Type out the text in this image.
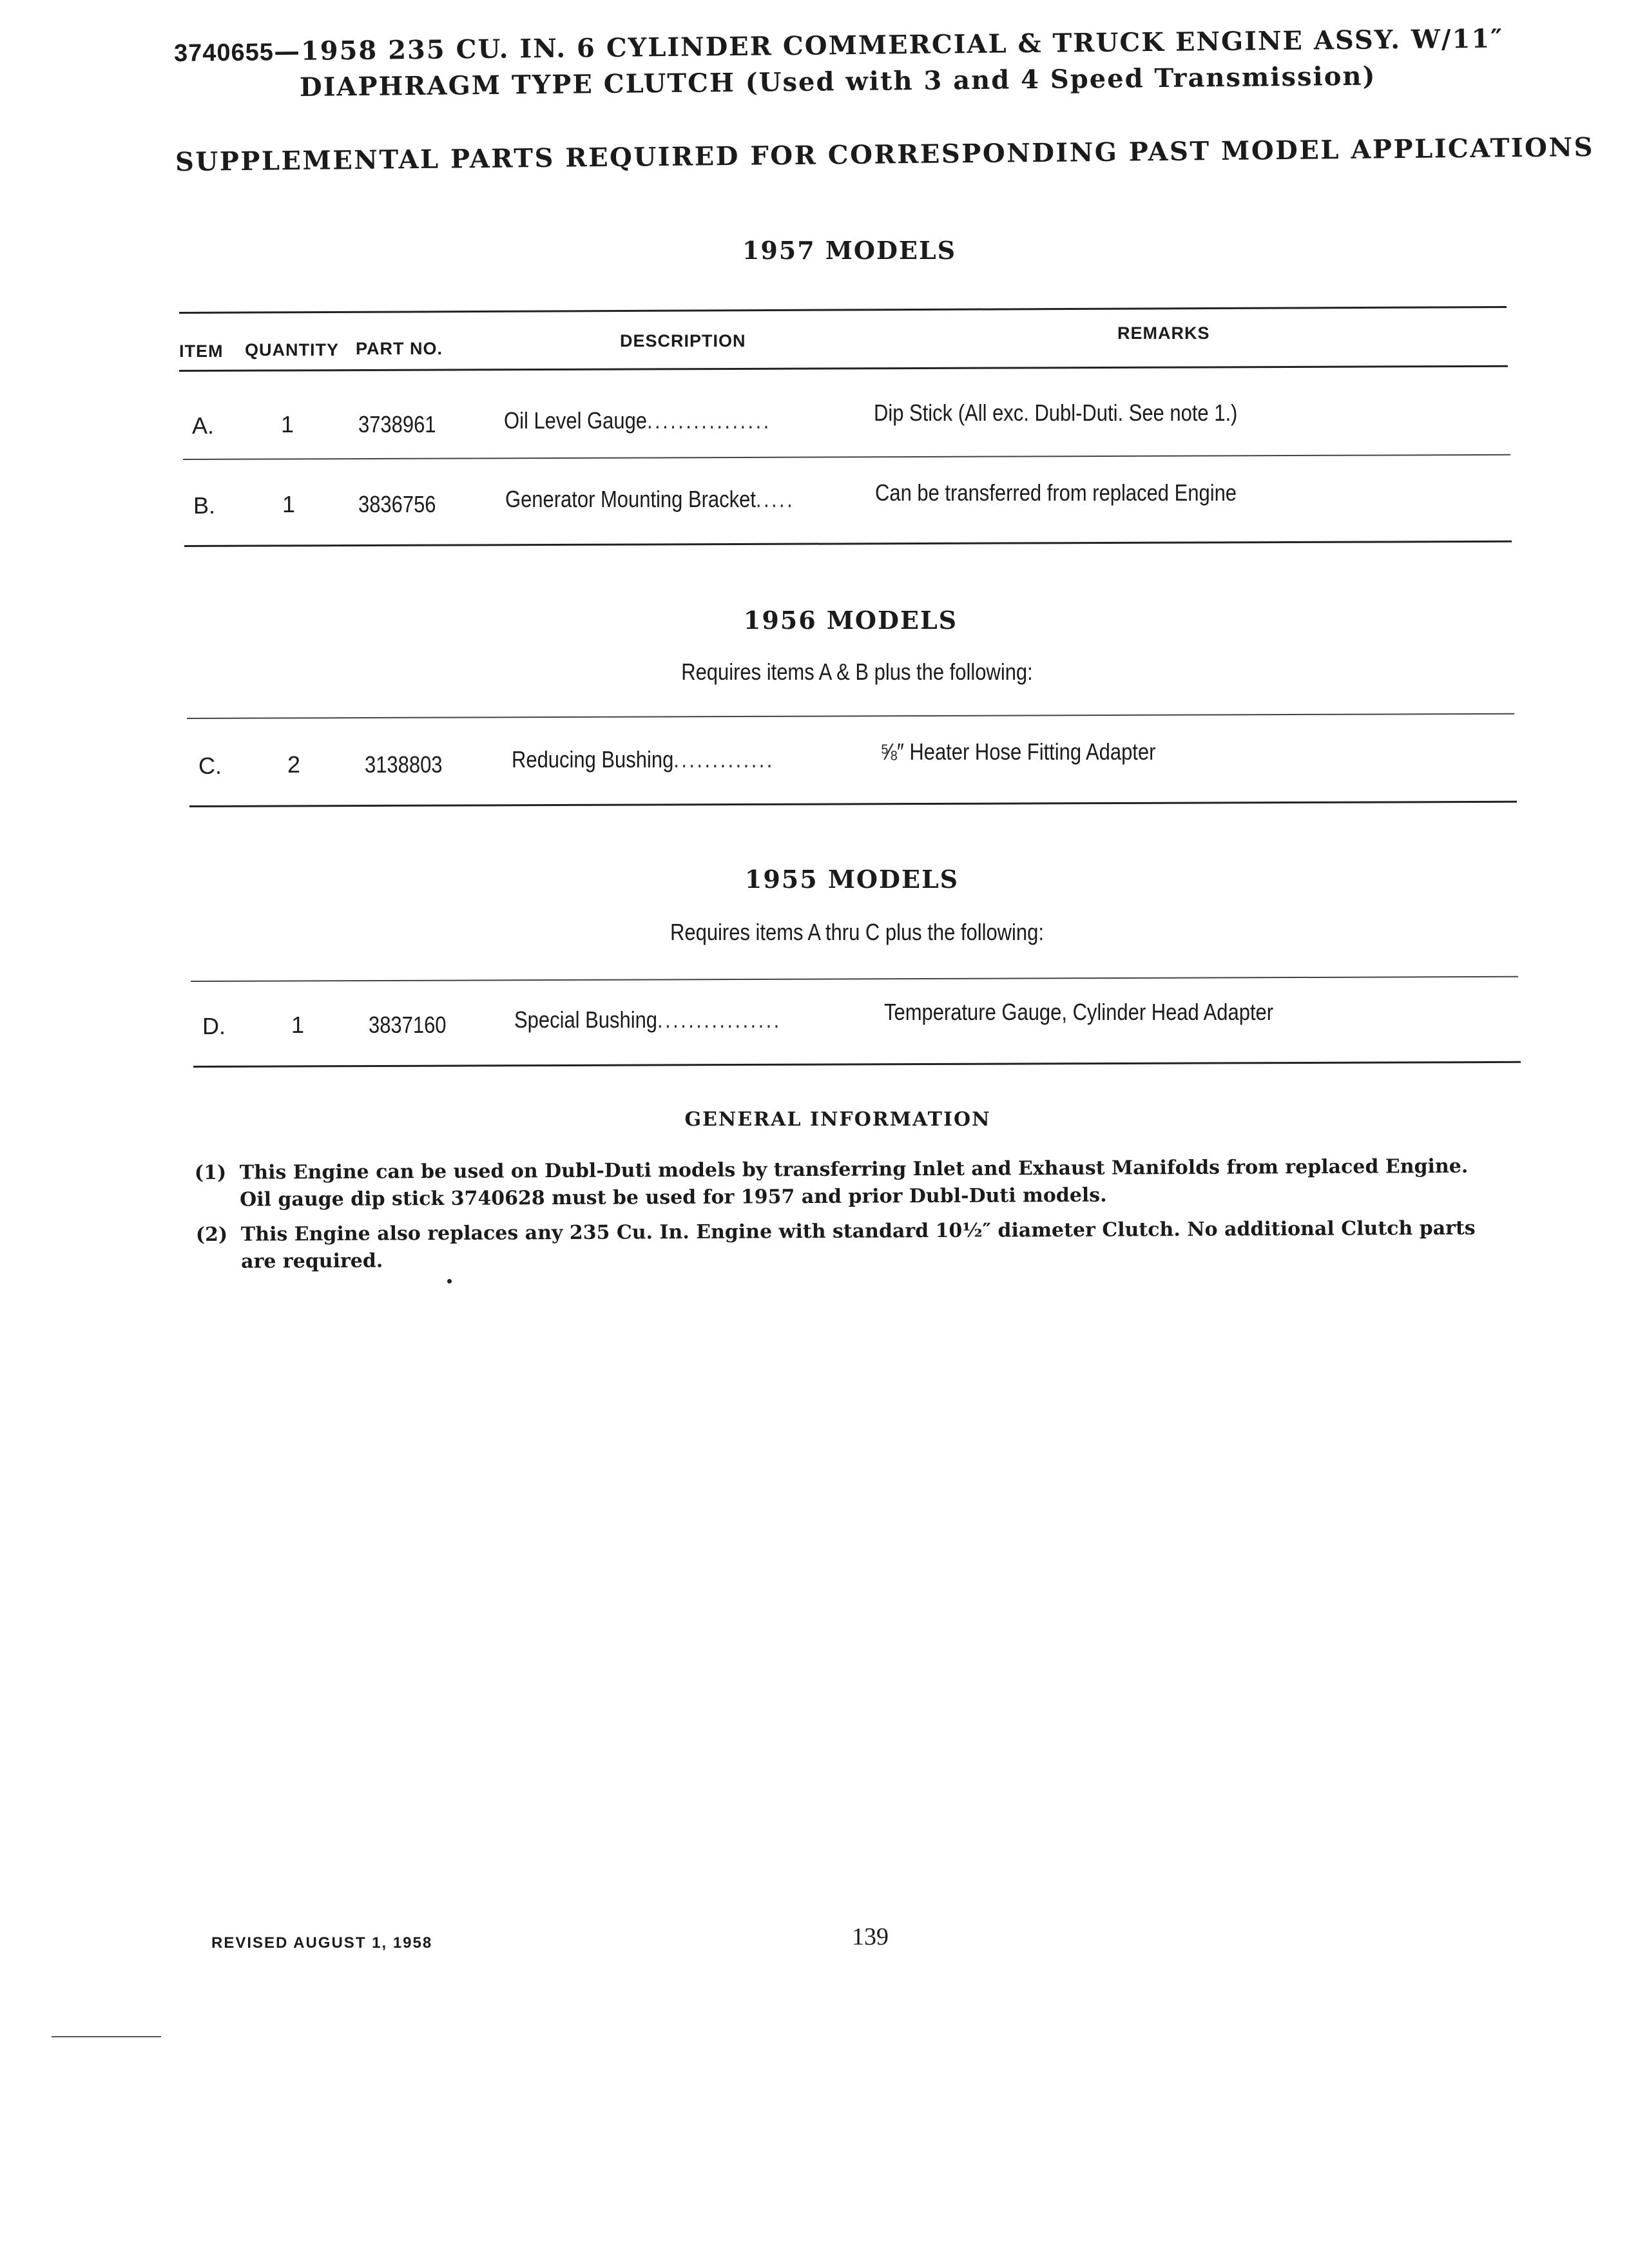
3740655—1958 235 CU. IN. 6 CYLINDER COMMERCIAL & TRUCK ENGINE ASSY. W/11″
DIAPHRAGM TYPE CLUTCH (Used with 3 and 4 Speed Transmission)
SUPPLEMENTAL PARTS REQUIRED FOR CORRESPONDING PAST MODEL APPLICATIONS
1957 MODELS
ITEM QUANTITY PART NO.	DESCRIPTION	REMARKS
A.	1	3738961	Oil Level Gauge................	Dip Stick (All exc. Dubl-Duti. See note 1.)
B.	1	3836756	Generator Mounting Bracket.....	Can be transferred from replaced Engine
1956 MODELS
Requires items A & B plus the following:
C.	2	3138803	Reducing Bushing.............	⅝″ Heater Hose Fitting Adapter
1955 MODELS
Requires items A thru C plus the following:
D.	1	3837160	Special Bushing................	Temperature Gauge, Cylinder Head Adapter
GENERAL INFORMATION
(1) This Engine can be used on Dubl-Duti models by transferring Inlet and Exhaust Manifolds from replaced Engine.
Oil gauge dip stick 3740628 must be used for 1957 and prior Dubl-Duti models.
(2) This Engine also replaces any 235 Cu. In. Engine with standard 10½″ diameter Clutch. No additional Clutch parts
are required.
REVISED AUGUST 1, 1958	139
